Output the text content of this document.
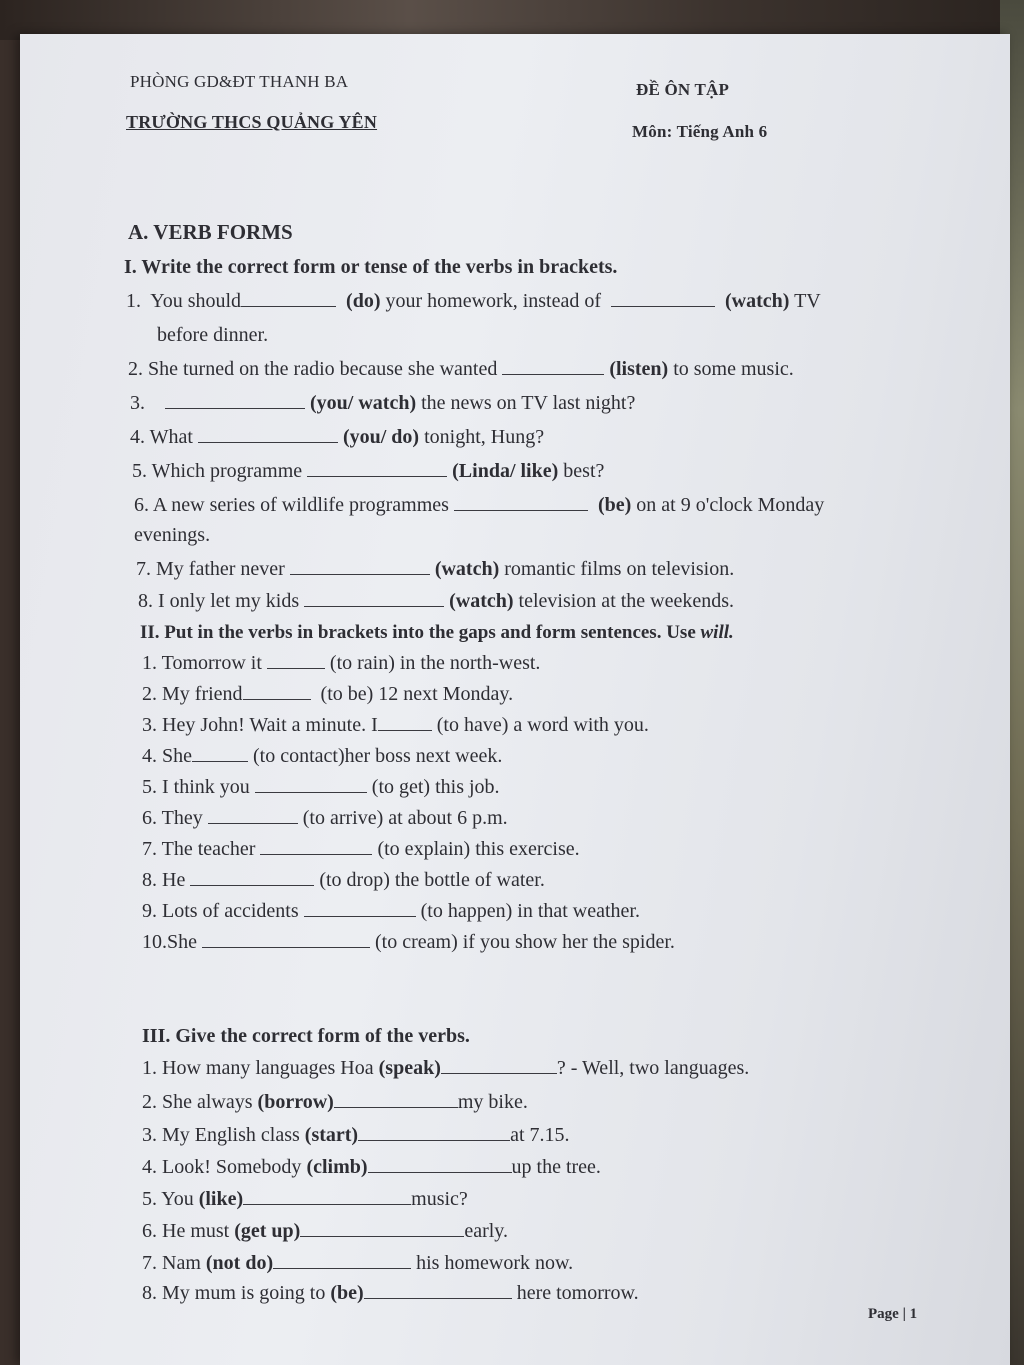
PHÒNG GD&ĐT THANH BA
TRƯỜNG THCS QUẢNG YÊN
ĐỀ ÔN TẬP
Môn: Tiếng Anh 6
A. VERB FORMS
I. Write the correct form or tense of the verbs in brackets.
1. You should	(do) your homework, instead of	(watch) TV
before dinner.
2. She turned on the radio because she wanted	(listen) to some music.
3.	(you/ watch) the news on TV last night?
4. What	(you/ do) tonight, Hung?
5. Which programme	(Linda/ like) best?
6. A new series of wildlife programmes	(be) on at 9 o'clock Monday
evenings.
7. My father never	(watch) romantic films on television.
8. I only let my kids	(watch) television at the weekends.
II. Put in the verbs in brackets into the gaps and form sentences. Use will.
1. Tomorrow it	(to rain) in the north-west.
2. My friend	(to be) 12 next Monday.
3. Hey John! Wait a minute. I	(to have) a word with you.
4. She	(to contact)her boss next week.
5. I think you	(to get) this job.
6. They	(to arrive) at about 6 p.m.
7. The teacher	(to explain) this exercise.
8. He	(to drop) the bottle of water.
9. Lots of accidents	(to happen) in that weather.
10.She	(to cream) if you show her the spider.
III. Give the correct form of the verbs.
1. How many languages Hoa (speak)	? - Well, two languages.
2. She always (borrow)	my bike.
3. My English class (start)	at 7.15.
4. Look! Somebody (climb)	up the tree.
5. You (like)	music?
6. He must (get up)	early.
7. Nam (not do)	his homework now.
8. My mum is going to (be)	here tomorrow.
Page | 1
